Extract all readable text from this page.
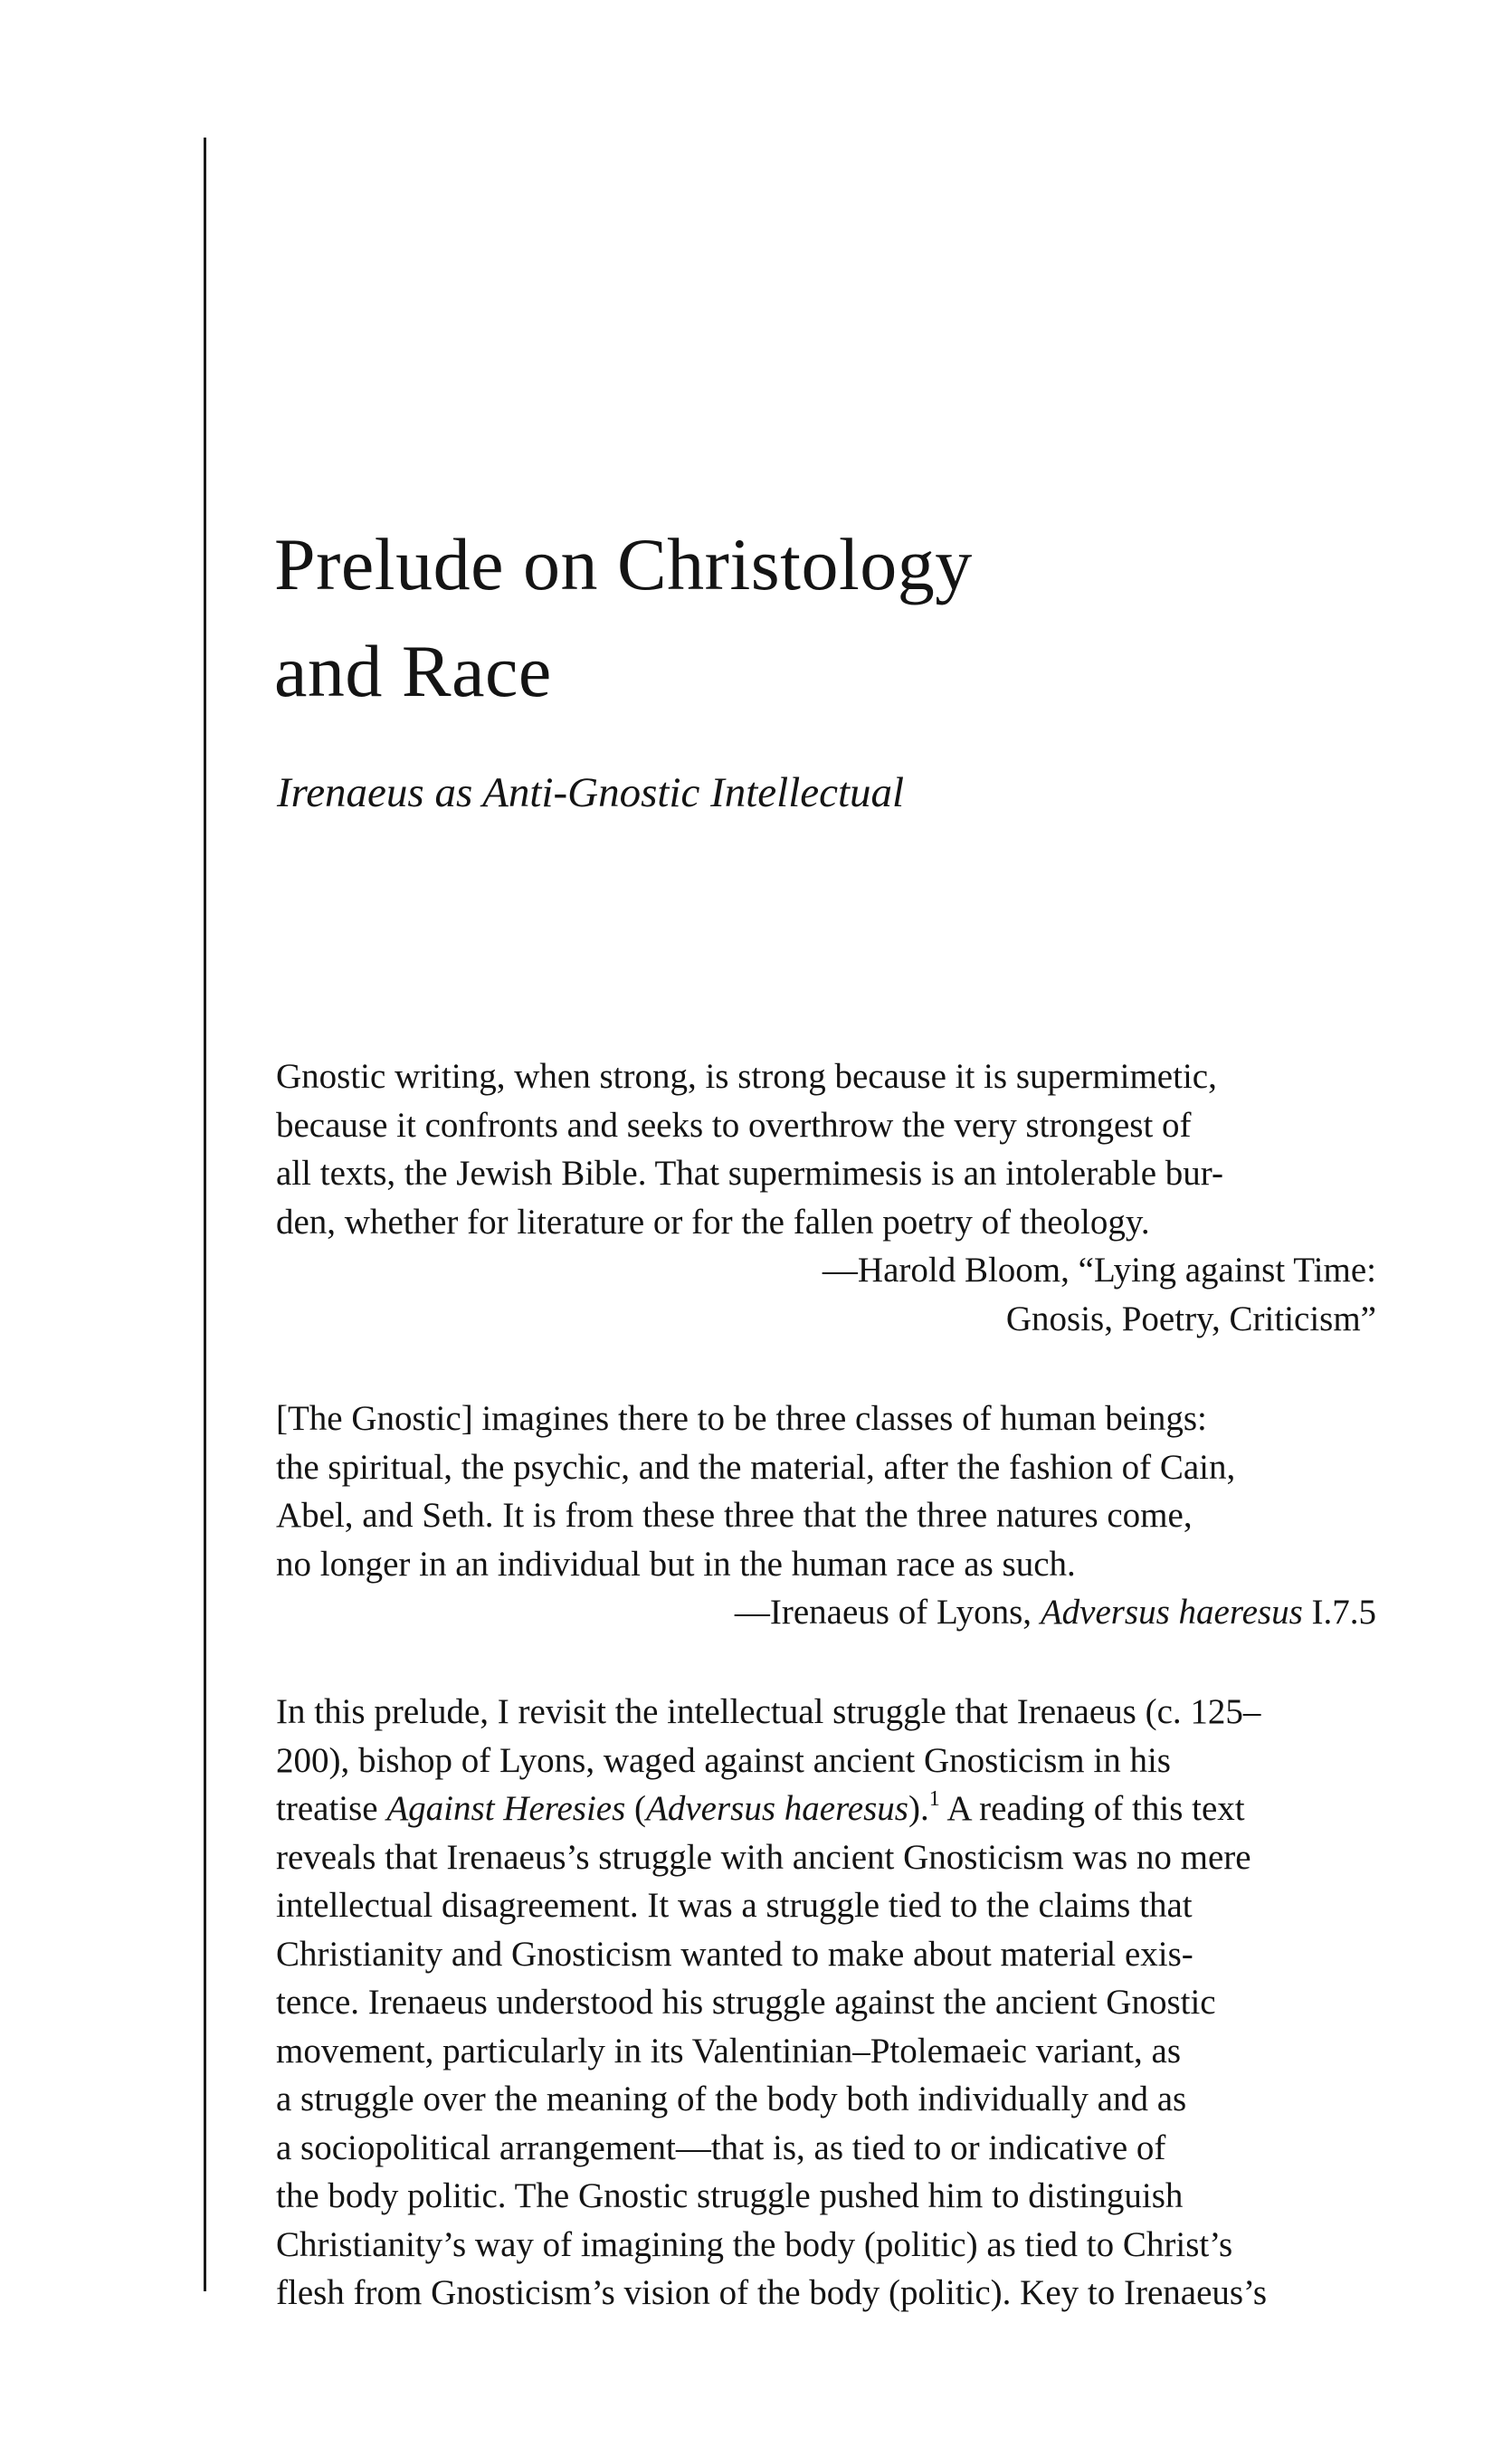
Prelude on Christology
and Race
Irenaeus as Anti-Gnostic Intellectual
Gnostic writing, when strong, is strong because it is supermimetic,
because it confronts and seeks to overthrow the very strongest of
all texts, the Jewish Bible. That supermimesis is an intolerable bur-
den, whether for literature or for the fallen poetry of theology.
—Harold Bloom, “Lying against Time:
Gnosis, Poetry, Criticism”
[The Gnostic] imagines there to be three classes of human beings:
the spiritual, the psychic, and the material, after the fashion of Cain,
Abel, and Seth. It is from these three that the three natures come,
no longer in an individual but in the human race as such.
—Irenaeus of Lyons, Adversus haeresus I.7.5
In this prelude, I revisit the intellectual struggle that Irenaeus (c. 125–
200), bishop of Lyons, waged against ancient Gnosticism in his
treatise Against Heresies (Adversus haeresus).$^1$ A reading of this text
reveals that Irenaeus’s struggle with ancient Gnosticism was no mere
intellectual disagreement. It was a struggle tied to the claims that
Christianity and Gnosticism wanted to make about material exis-
tence. Irenaeus understood his struggle against the ancient Gnostic
movement, particularly in its Valentinian–Ptolemaeic variant, as
a struggle over the meaning of the body both individually and as
a sociopolitical arrangement—that is, as tied to or indicative of
the body politic. The Gnostic struggle pushed him to distinguish
Christianity’s way of imagining the body (politic) as tied to Christ’s
flesh from Gnosticism’s vision of the body (politic). Key to Irenaeus’s
